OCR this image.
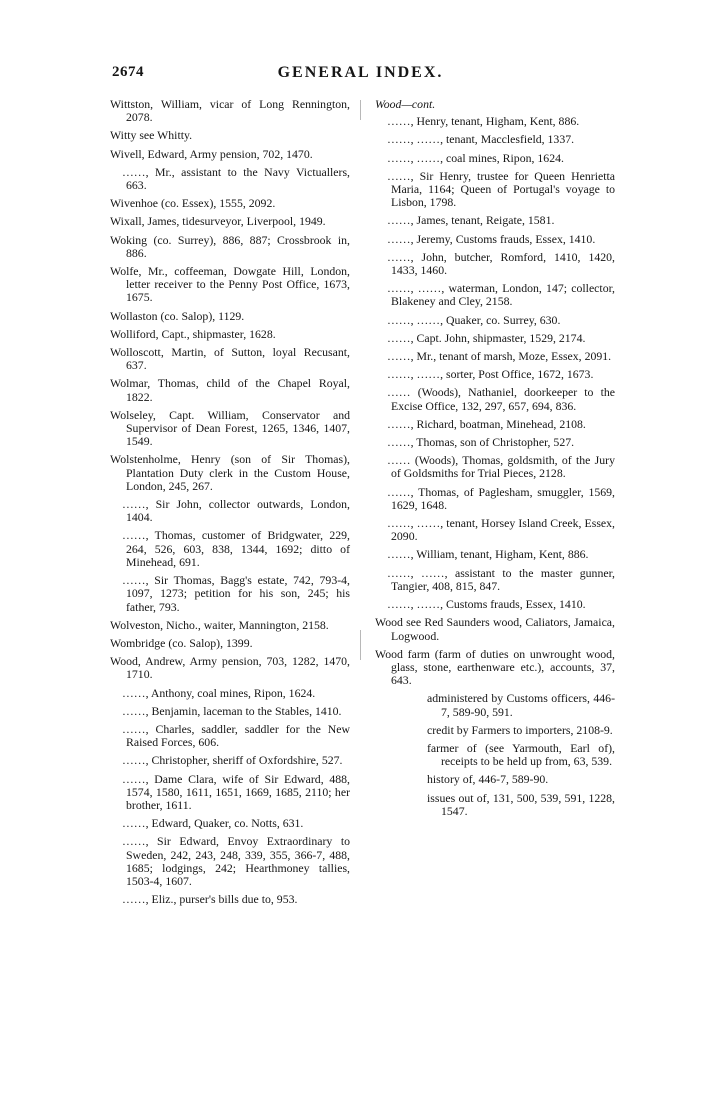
2674	GENERAL INDEX.
Wittston, William, vicar of Long Rennington, 2078.
Witty see Whitty.
Wivell, Edward, Army pension, 702, 1470.
……, Mr., assistant to the Navy Victuallers, 663.
Wivenhoe (co. Essex), 1555, 2092.
Wixall, James, tidesurveyor, Liverpool, 1949.
Woking (co. Surrey), 886, 887; Crossbrook in, 886.
Wolfe, Mr., coffeeman, Dowgate Hill, London, letter receiver to the Penny Post Office, 1673, 1675.
Wollaston (co. Salop), 1129.
Wolliford, Capt., shipmaster, 1628.
Wolloscott, Martin, of Sutton, loyal Recusant, 637.
Wolmar, Thomas, child of the Chapel Royal, 1822.
Wolseley, Capt. William, Conservator and Supervisor of Dean Forest, 1265, 1346, 1407, 1549.
Wolstenholme, Henry (son of Sir Thomas), Plantation Duty clerk in the Custom House, London, 245, 267.
……, Sir John, collector outwards, London, 1404.
……, Thomas, customer of Bridgwater, 229, 264, 526, 603, 838, 1344, 1692; ditto of Minehead, 691.
……, Sir Thomas, Bagg's estate, 742, 793-4, 1097, 1273; petition for his son, 245; his father, 793.
Wolveston, Nicho., waiter, Mannington, 2158.
Wombridge (co. Salop), 1399.
Wood, Andrew, Army pension, 703, 1282, 1470, 1710.
……, Anthony, coal mines, Ripon, 1624.
……, Benjamin, laceman to the Stables, 1410.
……, Charles, saddler, saddler for the New Raised Forces, 606.
……, Christopher, sheriff of Oxfordshire, 527.
……, Dame Clara, wife of Sir Edward, 488, 1574, 1580, 1611, 1651, 1669, 1685, 2110; her brother, 1611.
……, Edward, Quaker, co. Notts, 631.
……, Sir Edward, Envoy Extraordinary to Sweden, 242, 243, 248, 339, 355, 366-7, 488, 1685; lodgings, 242; Hearthmoney tallies, 1503-4, 1607.
……, Eliz., purser's bills due to, 953.
Wood—cont.
……, Henry, tenant, Higham, Kent, 886.
……, ……, tenant, Macclesfield, 1337.
……, ……, coal mines, Ripon, 1624.
……, Sir Henry, trustee for Queen Henrietta Maria, 1164; Queen of Portugal's voyage to Lisbon, 1798.
……, James, tenant, Reigate, 1581.
……, Jeremy, Customs frauds, Essex, 1410.
……, John, butcher, Romford, 1410, 1420, 1433, 1460.
……, ……, waterman, London, 147; collector, Blakeney and Cley, 2158.
……, ……, Quaker, co. Surrey, 630.
……, Capt. John, shipmaster, 1529, 2174.
……, Mr., tenant of marsh, Moze, Essex, 2091.
……, ……, sorter, Post Office, 1672, 1673.
…… (Woods), Nathaniel, doorkeeper to the Excise Office, 132, 297, 657, 694, 836.
……, Richard, boatman, Minehead, 2108.
……, Thomas, son of Christopher, 527.
…… (Woods), Thomas, goldsmith, of the Jury of Goldsmiths for Trial Pieces, 2128.
……, Thomas, of Paglesham, smuggler, 1569, 1629, 1648.
……, ……, tenant, Horsey Island Creek, Essex, 2090.
……, William, tenant, Higham, Kent, 886.
……, ……, assistant to the master gunner, Tangier, 408, 815, 847.
……, ……, Customs frauds, Essex, 1410.
Wood see Red Saunders wood, Caliators, Jamaica, Logwood.
Wood farm (farm of duties on unwrought wood, glass, stone, earthenware etc.), accounts, 37, 643.
administered by Customs officers, 446-7, 589-90, 591.
credit by Farmers to importers, 2108-9.
farmer of (see Yarmouth, Earl of), receipts to be held up from, 63, 539.
history of, 446-7, 589-90.
issues out of, 131, 500, 539, 591, 1228, 1547.
